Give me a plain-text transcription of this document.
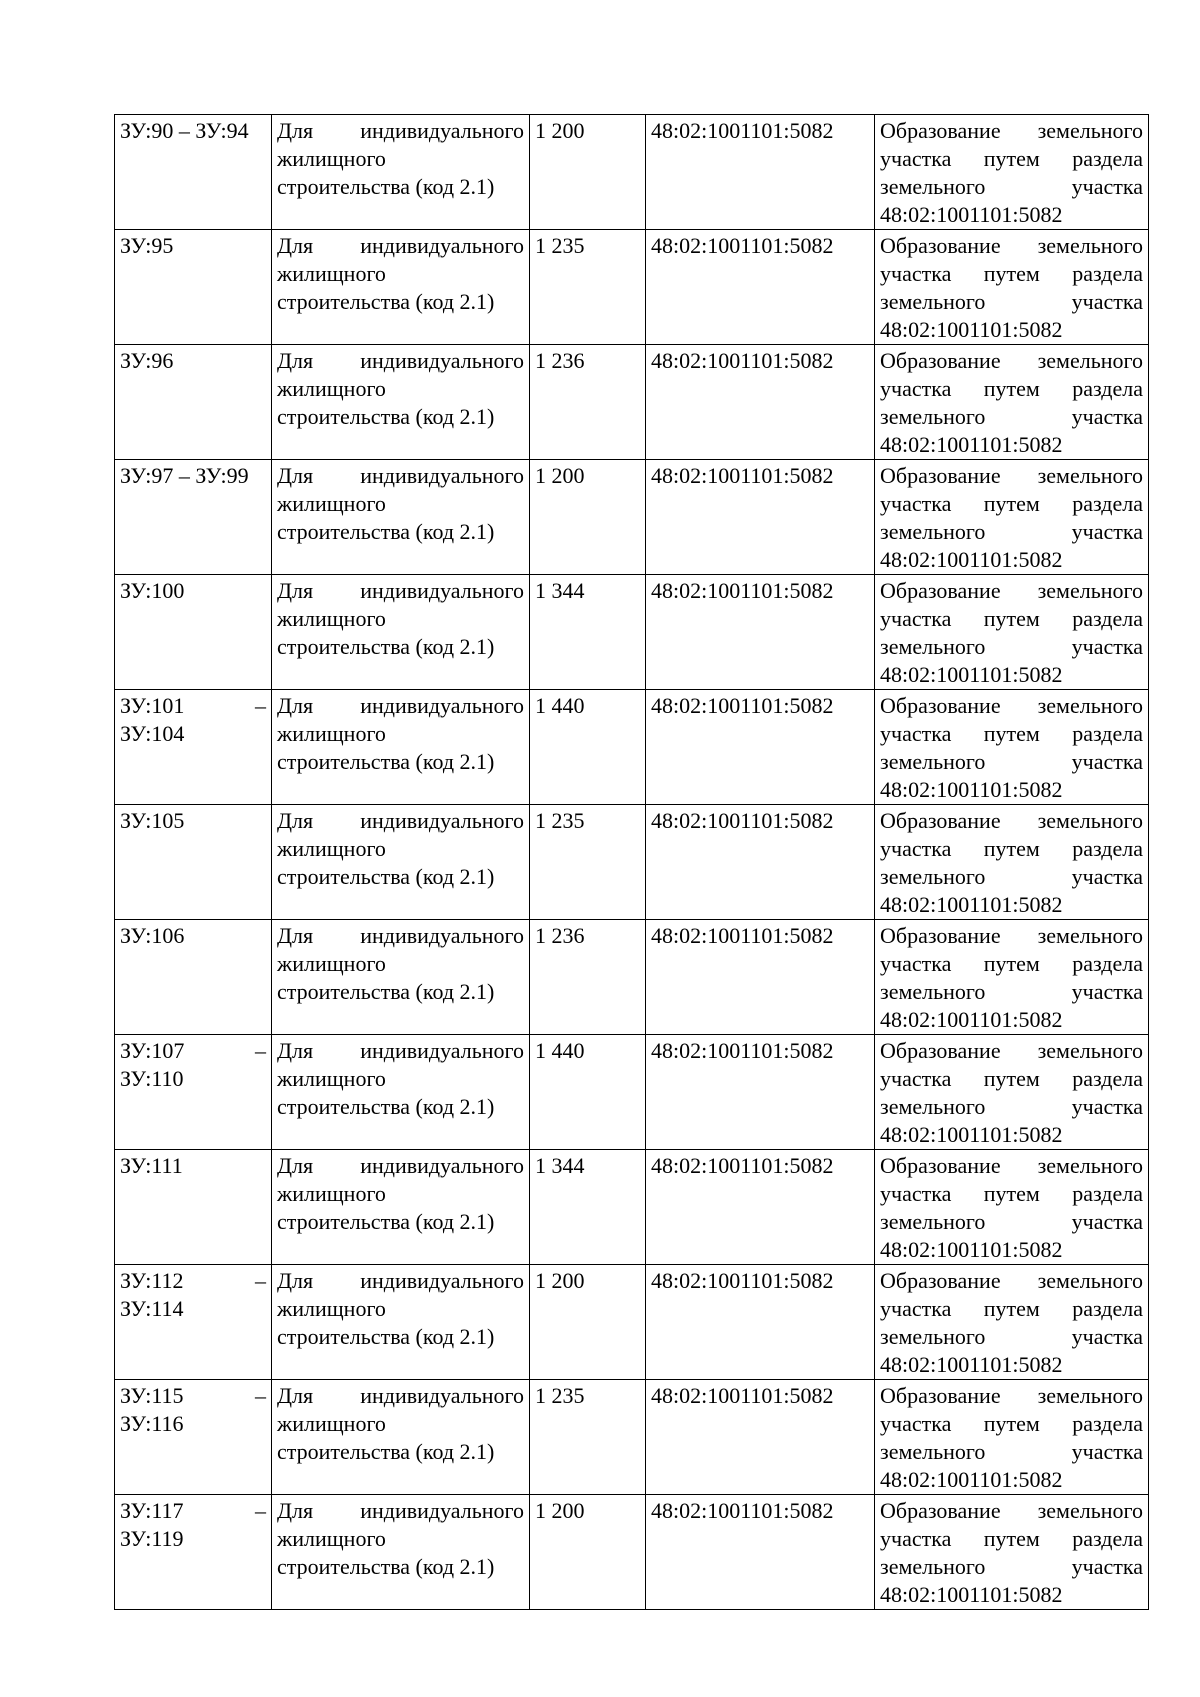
ЗУ:90 – ЗУ:94	Для индивидуального жилищного строительства (код 2.1)	1 200	48:02:1001101:5082	Образование земельного участка путем раздела земельного участка 48:02:1001101:5082

ЗУ:95	Для индивидуального жилищного строительства (код 2.1)	1 235	48:02:1001101:5082	Образование земельного участка путем раздела земельного участка 48:02:1001101:5082

ЗУ:96	Для индивидуального жилищного строительства (код 2.1)	1 236	48:02:1001101:5082	Образование земельного участка путем раздела земельного участка 48:02:1001101:5082

ЗУ:97 – ЗУ:99	Для индивидуального жилищного строительства (код 2.1)	1 200	48:02:1001101:5082	Образование земельного участка путем раздела земельного участка 48:02:1001101:5082

ЗУ:100	Для индивидуального жилищного строительства (код 2.1)	1 344	48:02:1001101:5082	Образование земельного участка путем раздела земельного участка 48:02:1001101:5082

ЗУ:101 – ЗУ:104	Для индивидуального жилищного строительства (код 2.1)	1 440	48:02:1001101:5082	Образование земельного участка путем раздела земельного участка 48:02:1001101:5082

ЗУ:105	Для индивидуального жилищного строительства (код 2.1)	1 235	48:02:1001101:5082	Образование земельного участка путем раздела земельного участка 48:02:1001101:5082

ЗУ:106	Для индивидуального жилищного строительства (код 2.1)	1 236	48:02:1001101:5082	Образование земельного участка путем раздела земельного участка 48:02:1001101:5082

ЗУ:107 – ЗУ:110	Для индивидуального жилищного строительства (код 2.1)	1 440	48:02:1001101:5082	Образование земельного участка путем раздела земельного участка 48:02:1001101:5082

ЗУ:111	Для индивидуального жилищного строительства (код 2.1)	1 344	48:02:1001101:5082	Образование земельного участка путем раздела земельного участка 48:02:1001101:5082

ЗУ:112 – ЗУ:114	Для индивидуального жилищного строительства (код 2.1)	1 200	48:02:1001101:5082	Образование земельного участка путем раздела земельного участка 48:02:1001101:5082

ЗУ:115 – ЗУ:116	Для индивидуального жилищного строительства (код 2.1)	1 235	48:02:1001101:5082	Образование земельного участка путем раздела земельного участка 48:02:1001101:5082

ЗУ:117 – ЗУ:119	Для индивидуального жилищного строительства (код 2.1)	1 200	48:02:1001101:5082	Образование земельного участка путем раздела земельного участка 48:02:1001101:5082
